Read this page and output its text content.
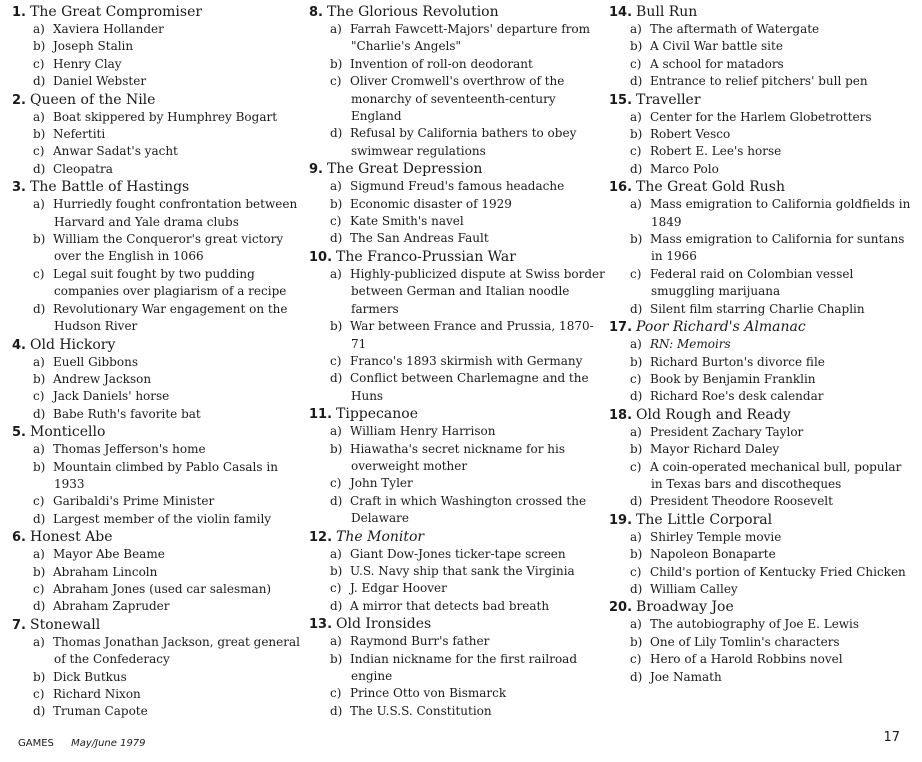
1. The Great Compromiser
a) Xaviera Hollander
b) Joseph Stalin
c) Henry Clay
d) Daniel Webster
2. Queen of the Nile
a) Boat skippered by Humphrey Bogart
b) Nefertiti
c) Anwar Sadat's yacht
d) Cleopatra
3. The Battle of Hastings
a) Hurriedly fought confrontation between Harvard and Yale drama clubs
b) William the Conqueror's great victory over the English in 1066
c) Legal suit fought by two pudding companies over plagiarism of a recipe
d) Revolutionary War engagement on the Hudson River
4. Old Hickory
a) Euell Gibbons
b) Andrew Jackson
c) Jack Daniels' horse
d) Babe Ruth's favorite bat
5. Monticello
a) Thomas Jefferson's home
b) Mountain climbed by Pablo Casals in 1933
c) Garibaldi's Prime Minister
d) Largest member of the violin family
6. Honest Abe
a) Mayor Abe Beame
b) Abraham Lincoln
c) Abraham Jones (used car salesman)
d) Abraham Zapruder
7. Stonewall
a) Thomas Jonathan Jackson, great general of the Confederacy
b) Dick Butkus
c) Richard Nixon
d) Truman Capote
8. The Glorious Revolution
a) Farrah Fawcett-Majors' departure from "Charlie's Angels"
b) Invention of roll-on deodorant
c) Oliver Cromwell's overthrow of the monarchy of seventeenth-century England
d) Refusal by California bathers to obey swimwear regulations
9. The Great Depression
a) Sigmund Freud's famous headache
b) Economic disaster of 1929
c) Kate Smith's navel
d) The San Andreas Fault
10. The Franco-Prussian War
a) Highly-publicized dispute at Swiss border between German and Italian noodle farmers
b) War between France and Prussia, 1870-71
c) Franco's 1893 skirmish with Germany
d) Conflict between Charlemagne and the Huns
11. Tippecanoe
a) William Henry Harrison
b) Hiawatha's secret nickname for his overweight mother
c) John Tyler
d) Craft in which Washington crossed the Delaware
12. The Monitor
a) Giant Dow-Jones ticker-tape screen
b) U.S. Navy ship that sank the Virginia
c) J. Edgar Hoover
d) A mirror that detects bad breath
13. Old Ironsides
a) Raymond Burr's father
b) Indian nickname for the first railroad engine
c) Prince Otto von Bismarck
d) The U.S.S. Constitution
14. Bull Run
a) The aftermath of Watergate
b) A Civil War battle site
c) A school for matadors
d) Entrance to relief pitchers' bull pen
15. Traveller
a) Center for the Harlem Globetrotters
b) Robert Vesco
c) Robert E. Lee's horse
d) Marco Polo
16. The Great Gold Rush
a) Mass emigration to California goldfields in 1849
b) Mass emigration to California for suntans in 1966
c) Federal raid on Colombian vessel smuggling marijuana
d) Silent film starring Charlie Chaplin
17. Poor Richard's Almanac
a) RN: Memoirs
b) Richard Burton's divorce file
c) Book by Benjamin Franklin
d) Richard Roe's desk calendar
18. Old Rough and Ready
a) President Zachary Taylor
b) Mayor Richard Daley
c) A coin-operated mechanical bull, popular in Texas bars and discotheques
d) President Theodore Roosevelt
19. The Little Corporal
a) Shirley Temple movie
b) Napoleon Bonaparte
c) Child's portion of Kentucky Fried Chicken
d) William Calley
20. Broadway Joe
a) The autobiography of Joe E. Lewis
b) One of Lily Tomlin's characters
c) Hero of a Harold Robbins novel
d) Joe Namath
GAMES May/June 1979	17
